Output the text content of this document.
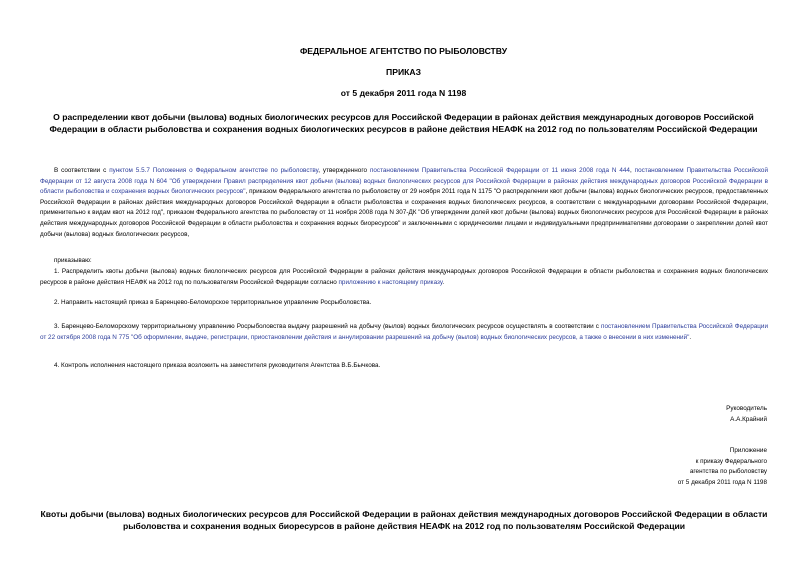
ФЕДЕРАЛЬНОЕ АГЕНТСТВО ПО РЫБОЛОВСТВУ
ПРИКАЗ
от 5 декабря 2011 года N 1198
О распределении квот добычи (вылова) водных биологических ресурсов для Российской Федерации в районах действия международных договоров Российской Федерации в области рыболовства и сохранения водных биологических ресурсов в районе действия НЕАФК на 2012 год по пользователям Российской Федерации
В соответствии с пунктом 5.5.7 Положения о Федеральном агентстве по рыболовству, утвержденного постановлением Правительства Российской Федерации от 11 июня 2008 года N 444, постановлением Правительства Российской Федерации от 12 августа 2008 года N 604 "Об утверждении Правил распределения квот добычи (вылова) водных биологических ресурсов для Российской Федерации в районах действия международных договоров Российской Федерации в области рыболовства и сохранения водных биологических ресурсов", приказом Федерального агентства по рыболовству от 29 ноября 2011 года N 1175 "О распределении квот добычи (вылова) водных биологических ресурсов, предоставленных Российской Федерации в районах действия международных договоров Российской Федерации в области рыболовства и сохранения водных биологических ресурсов, в соответствии с международными договорами Российской Федерации, применительно к видам квот на 2012 год", приказом Федерального агентства по рыболовству от 11 ноября 2008 года N 307-ДК "Об утверждении долей квот добычи (вылова) водных биологических ресурсов для Российской Федерации в районах действия международных договоров Российской Федерации в области рыболовства и сохранения водных биоресурсов" и заключенными с юридическими лицами и индивидуальными предпринимателями договорами о закреплении долей квот добычи (вылова) водных биологических ресурсов,
приказываю:
1. Распределить квоты добычи (вылова) водных биологических ресурсов для Российской Федерации в районах действия международных договоров Российской Федерации в области рыболовства и сохранения водных биологических ресурсов в районе действия НЕАФК на 2012 год по пользователям Российской Федерации согласно приложению к настоящему приказу.
2. Направить настоящий приказ в Баренцево-Беломорское территориальное управление Росрыболовства.
3. Баренцево-Беломорскому территориальному управлению Росрыболовства выдачу разрешений на добычу (вылов) водных биологических ресурсов осуществлять в соответствии с постановлением Правительства Российской Федерации от 22 октября 2008 года N 775 "Об оформлении, выдаче, регистрации, приостановлении действия и аннулировании разрешений на добычу (вылов) водных биологических ресурсов, а также о внесении в них изменений".
4. Контроль исполнения настоящего приказа возложить на заместителя руководителя Агентства В.Б.Бычкова.
Руководитель
А.А.Крайний
Приложение
к приказу Федерального
агентства по рыболовству
от 5 декабря 2011 года N 1198
Квоты добычи (вылова) водных биологических ресурсов для Российской Федерации в районах действия международных договоров Российской Федерации в области рыболовства и сохранения водных биоресурсов в районе действия НЕАФК на 2012 год по пользователям Российской Федерации
